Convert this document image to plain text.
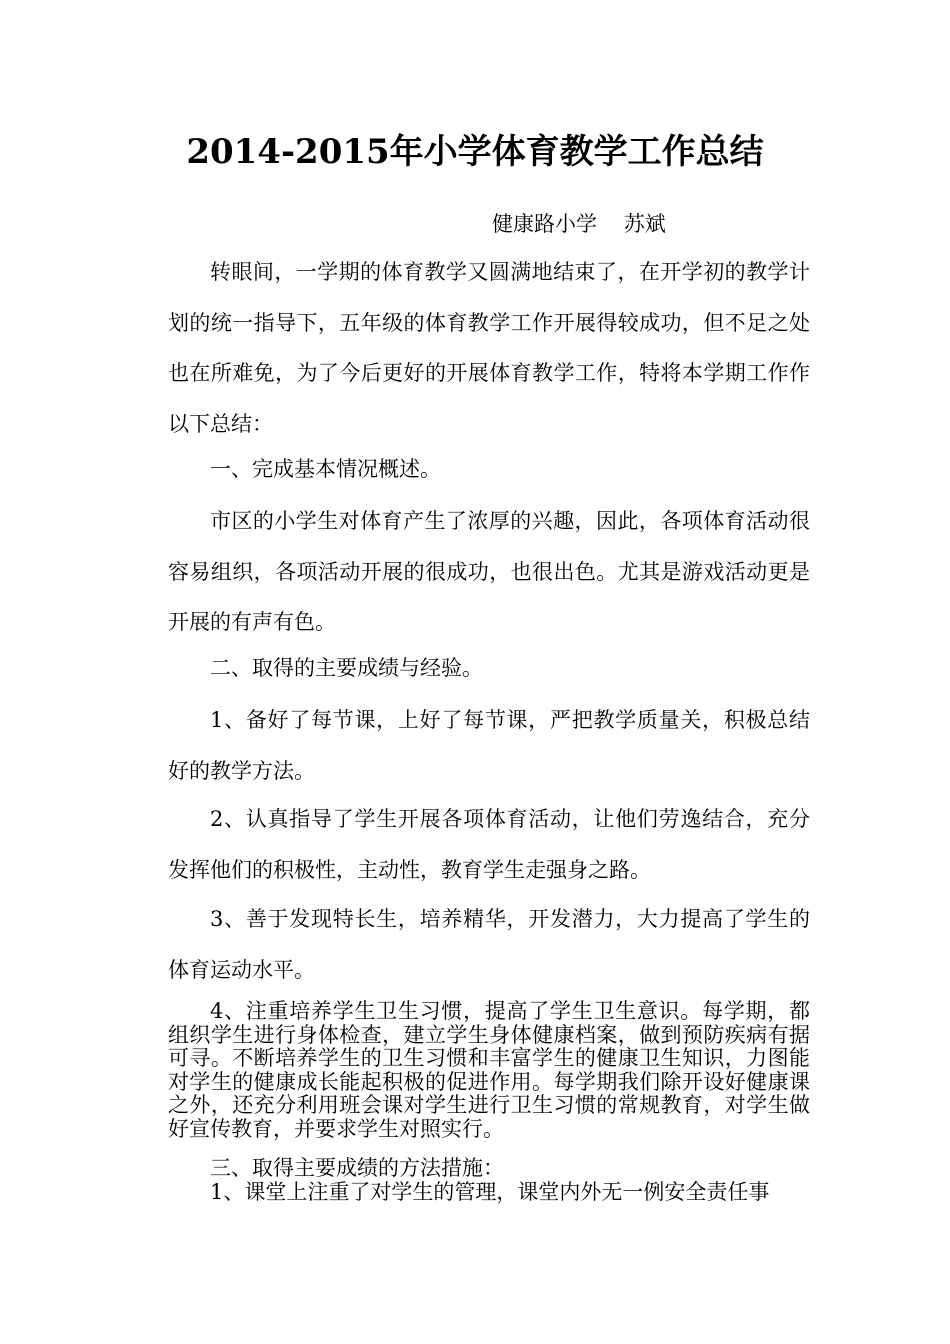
2014-2015年小学体育教学工作总结
健康路小学    苏斌

转眼间，一学期的体育教学又圆满地结束了，在开学初的教学计划的统一指导下，五年级的体育教学工作开展得较成功，但不足之处也在所难免，为了今后更好的开展体育教学工作，特将本学期工作作以下总结：

一、完成基本情况概述。

市区的小学生对体育产生了浓厚的兴趣，因此，各项体育活动很容易组织，各项活动开展的很成功，也很出色。尤其是游戏活动更是开展的有声有色。

二、取得的主要成绩与经验。

1、备好了每节课，上好了每节课，严把教学质量关，积极总结好的教学方法。

2、认真指导了学生开展各项体育活动，让他们劳逸结合，充分发挥他们的积极性，主动性，教育学生走强身之路。

3、善于发现特长生，培养精华，开发潜力，大力提高了学生的体育运动水平。

4、注重培养学生卫生习惯，提高了学生卫生意识。每学期，都组织学生进行身体检查，建立学生身体健康档案，做到预防疾病有据可寻。不断培养学生的卫生习惯和丰富学生的健康卫生知识，力图能对学生的健康成长能起积极的促进作用。每学期我们除开设好健康课之外，还充分利用班会课对学生进行卫生习惯的常规教育，对学生做好宣传教育，并要求学生对照实行。

三、取得主要成绩的方法措施：

1、课堂上注重了对学生的管理，课堂内外无一例安全责任事
